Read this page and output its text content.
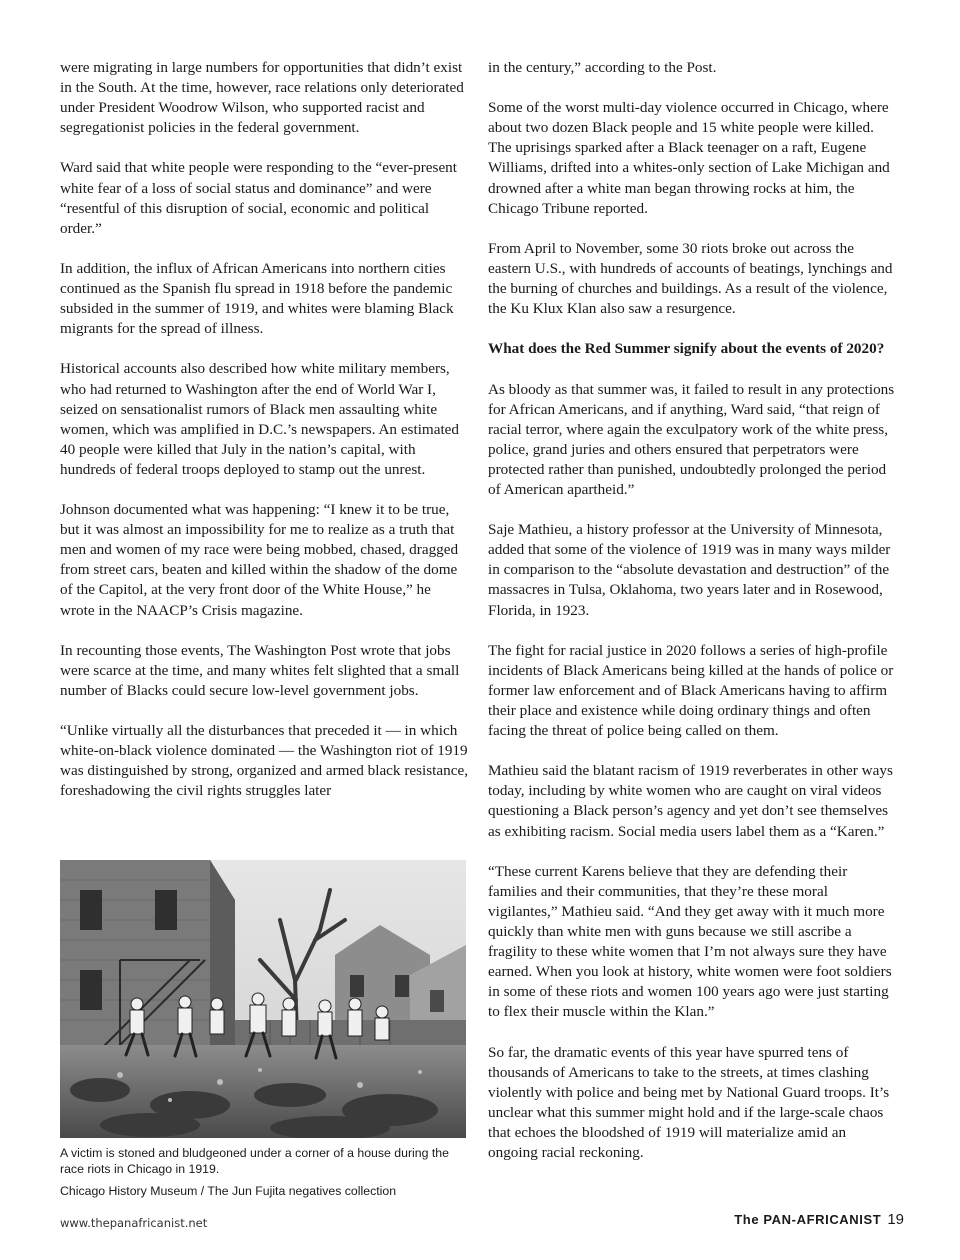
were migrating in large numbers for opportunities that didn’t exist in the South. At the time, however, race relations only deteriorated under President Woodrow Wilson, who supported racist and segregationist policies in the federal government.

Ward said that white people were responding to the “ever-present white fear of a loss of social status and dominance” and were “resentful of this disruption of social, economic and political order.”

In addition, the influx of African Americans into northern cities continued as the Spanish flu spread in 1918 before the pandemic subsided in the summer of 1919, and whites were blaming Black migrants for the spread of illness.

Historical accounts also described how white military members, who had returned to Washington after the end of World War I, seized on sensationalist rumors of Black men assaulting white women, which was amplified in D.C.’s newspapers. An estimated 40 people were killed that July in the nation’s capital, with hundreds of federal troops deployed to stamp out the unrest.

Johnson documented what was happening: “I knew it to be true, but it was almost an impossibility for me to realize as a truth that men and women of my race were being mobbed, chased, dragged from street cars, beaten and killed within the shadow of the dome of the Capitol, at the very front door of the White House,” he wrote in the NAACP’s Crisis magazine.

In recounting those events, The Washington Post wrote that jobs were scarce at the time, and many whites felt slighted that a small number of Blacks could secure low-level government jobs.

“Unlike virtually all the disturbances that preceded it — in which white-on-black violence dominated — the Washington riot of 1919 was distinguished by strong, organized and armed black resistance, foreshadowing the civil rights struggles later

in the century,” according to the Post.

Some of the worst multi-day violence occurred in Chicago, where about two dozen Black people and 15 white people were killed. The uprisings sparked after a Black teenager on a raft, Eugene Williams, drifted into a whites-only section of Lake Michigan and drowned after a white man began throwing rocks at him, the Chicago Tribune reported.

From April to November, some 30 riots broke out across the eastern U.S., with hundreds of accounts of beatings, lynchings and the burning of churches and buildings. As a result of the violence, the Ku Klux Klan also saw a resurgence.

What does the Red Summer signify about the events of 2020?

As bloody as that summer was, it failed to result in any protections for African Americans, and if anything, Ward said, “that reign of racial terror, where again the exculpatory work of the white press, police, grand juries and others ensured that perpetrators were protected rather than punished, undoubtedly prolonged the period of American apartheid.”

Saje Mathieu, a history professor at the University of Minnesota, added that some of the violence of 1919 was in many ways milder in comparison to the “absolute devastation and destruction” of the massacres in Tulsa, Oklahoma, two years later and in Rosewood, Florida, in 1923.

The fight for racial justice in 2020 follows a series of high-profile incidents of Black Americans being killed at the hands of police or former law enforcement and of Black Americans having to affirm their place and existence while doing ordinary things and often facing the threat of police being called on them.

Mathieu said the blatant racism of 1919 reverberates in other ways today, including by white women who are caught on viral videos questioning a Black person’s agency and yet don’t see themselves as exhibiting racism. Social media users label them as a “Karen.”

“These current Karens believe that they are defending their families and their communities, that they’re these moral vigilantes,” Mathieu said. “And they get away with it much more quickly than white men with guns because we still ascribe a fragility to these white women that I’m not always sure they have earned. When you look at history, white women were foot soldiers in some of these riots and women 100 years ago were just starting to flex their muscle within the Klan.”

So far, the dramatic events of this year have spurred tens of thousands of Americans to take to the streets, at times clashing violently with police and being met by National Guard troops. It’s unclear what this summer might hold and if the large-scale chaos that echoes the bloodshed of 1919 will materialize amid an ongoing racial reckoning.

A victim is stoned and bludgeoned under a corner of a house during the race riots in Chicago in 1919.
Chicago History Museum / The Jun Fujita negatives collection
www.thepanafricanist.net	The PAN-AFRICANIST 19
